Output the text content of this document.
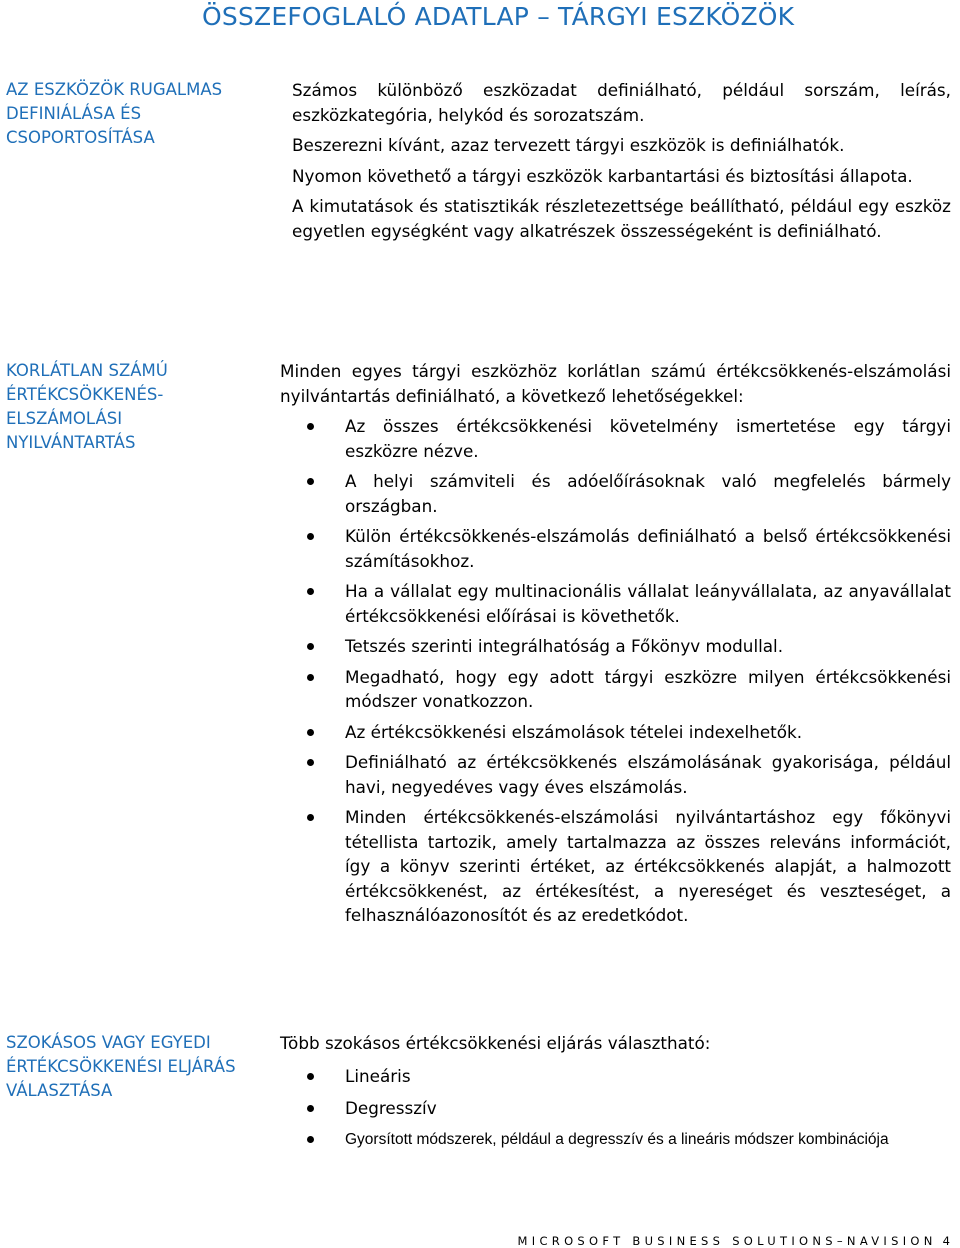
ÖSSZEFOGLALÓ ADATLAP – TÁRGYI ESZKÖZÖK
AZ ESZKÖZÖK RUGALMAS
DEFINIÁLÁSA ÉS
CSOPORTOSÍTÁSA

Számos különböző eszközadat definiálható, például sorszám, leírás, eszközkategória, helykód és sorozatszám.

Beszerezni kívánt, azaz tervezett tárgyi eszközök is definiálhatók.

Nyomon követhető a tárgyi eszközök karbantartási és biztosítási állapota.

A kimutatások és statisztikák részletezettsége beállítható, például egy eszköz egyetlen egységként vagy alkatrészek összességeként is definiálható.

KORLÁTLAN SZÁMÚ
ÉRTÉKCSÖKKENÉS-
ELSZÁMOLÁSI
NYILVÁNTARTÁS

Minden egyes tárgyi eszközhöz korlátlan számú értékcsökkenés-elszámolási nyilvántartás definiálható, a következő lehetőségekkel:

Az összes értékcsökkenési követelmény ismertetése egy tárgyi eszközre nézve.
A helyi számviteli és adóelőírásoknak való megfelelés bármely országban.
Külön értékcsökkenés-elszámolás definiálható a belső értékcsökkenési számításokhoz.
Ha a vállalat egy multinacionális vállalat leányvállalata, az anyavállalat értékcsökkenési előírásai is követhetők.
Tetszés szerinti integrálhatóság a Főkönyv modullal.
Megadható, hogy egy adott tárgyi eszközre milyen értékcsökkenési módszer vonatkozzon.
Az értékcsökkenési elszámolások tételei indexelhetők.
Definiálható az értékcsökkenés elszámolásának gyakorisága, például havi, negyedéves vagy éves elszámolás.
Minden értékcsökkenés-elszámolási nyilvántartáshoz egy főkönyvi tétellista tartozik, amely tartalmazza az összes releváns információt, így a könyv szerinti értéket, az értékcsökkenés alapját, a halmozott értékcsökkenést, az értékesítést, a nyereséget és veszteséget, a felhasználóazonosítót és az eredetkódot.
SZOKÁSOS VAGY EGYEDI
ÉRTÉKCSÖKKENÉSI ELJÁRÁS
VÁLASZTÁSA

Több szokásos értékcsökkenési eljárás választható:

Lineáris
Degresszív
Gyorsított módszerek, például a degresszív és a lineáris módszer kombinációja
MICROSOFT BUSINESS SOLUTIONS–NAVISION 4
